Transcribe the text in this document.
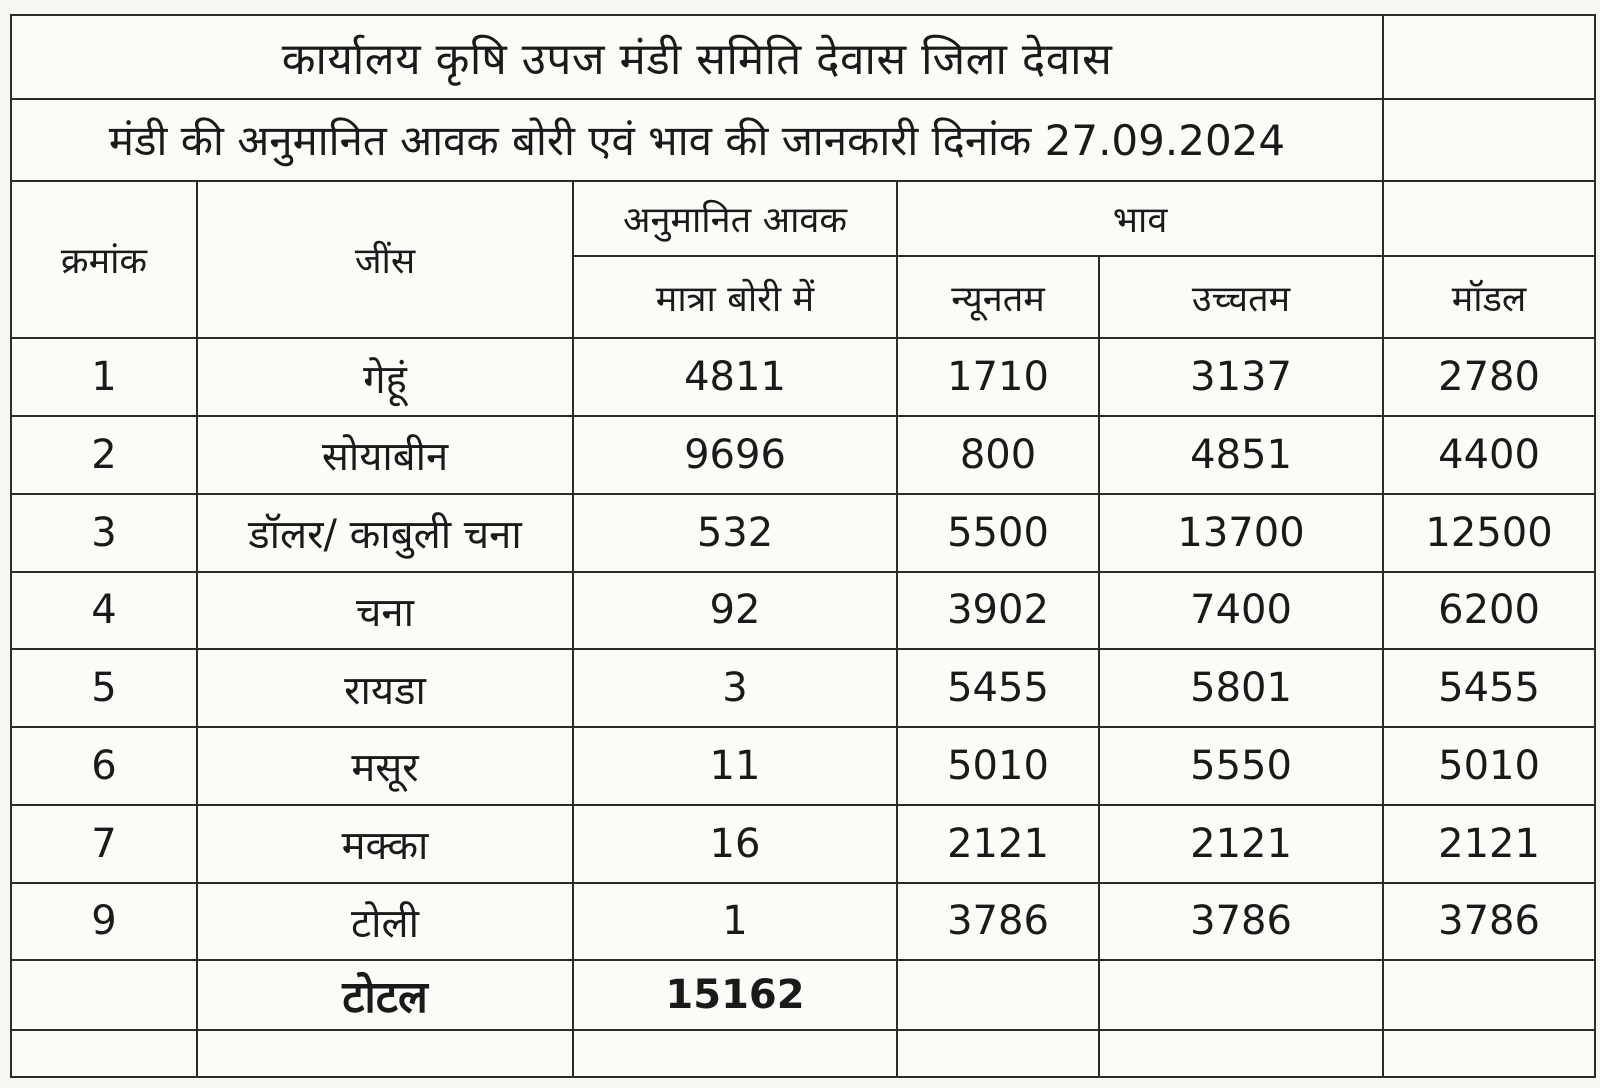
कार्यालय कृषि उपज मंडी समिति देवास जिला देवास					
मंडी की अनुमानित आवक बोरी एवं भाव की जानकारी दिनांक 27.09.2024					
क्रमांक	जींस	अनुमानित आवक	भाव		
		मात्रा बोरी में	न्यूनतम	उच्चतम	मॉडल
1	गेहूं	4811	1710	3137	2780
2	सोयाबीन	9696	800	4851	4400
3	डॉलर/ काबुली चना	532	5500	13700	12500
4	चना	92	3902	7400	6200
5	रायडा	3	5455	5801	5455
6	मसूर	11	5010	5550	5010
7	मक्का	16	2121	2121	2121
9	टोली	1	3786	3786	3786
	टोटल	15162			
